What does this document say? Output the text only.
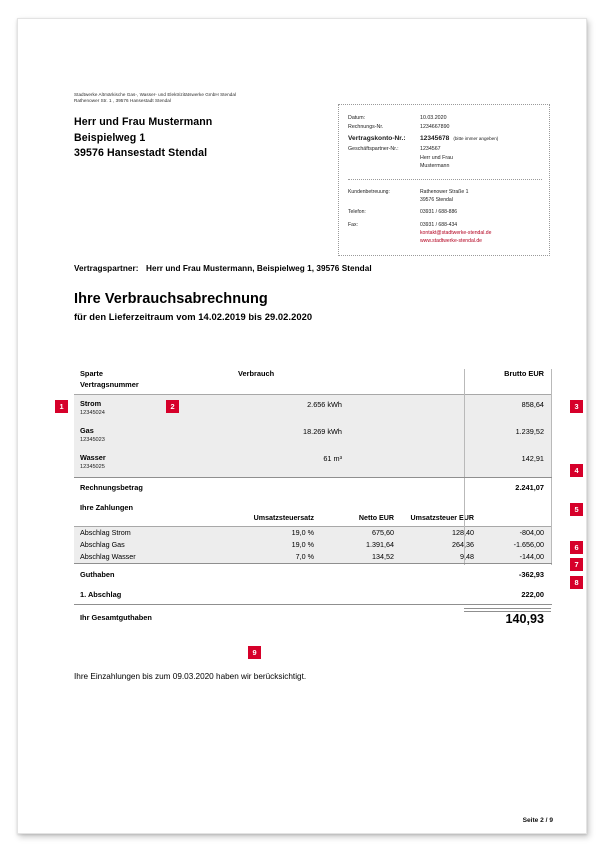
Stadtwerke Altmärkische Gas-, Wasser- und Elektrizitätswerke GmbH Stendal
Rathenower Str. 1 , 39576 Hansestadt Stendal
Herr und Frau Mustermann
Beispielweg 1
39576 Hansestadt Stendal
Datum:	10.03.2020
Rechnungs-Nr.	1234667890
Vertragskonto-Nr.:	12345678 (bitte immer angeben)
Geschäftspartner-Nr.:	1234567
Herr und Frau
Mustermann
Kundenbetreuung:	Rathenower Straße 1
39576 Stendal
Telefon:	03931 / 688-886
Fax:	03931 / 688-434
kontakt@stadtwerke-stendal.de
www.stadtwerke-stendal.de
Vertragspartner: Herr und Frau Mustermann, Beispielweg 1, 39576 Stendal
Ihre Verbrauchsabrechnung
für den Lieferzeitraum vom 14.02.2019 bis 29.02.2020
Sparte
Vertragsnummer
Verbrauch	Brutto EUR
Strom
12345024
2.656 kWh	858,64
Gas
12345023
18.269 kWh	1.239,52
Wasser
12345025
61 m³	142,91
Rechnungsbetrag	2.241,07
Ihre Zahlungen
Umsatzsteuersatz	Netto EUR	Umsatzsteuer EUR
Abschlag Strom	19,0 %	675,60	128,40	-804,00
Abschlag Gas	19,0 %	1.391,64	264,36	-1.656,00
Abschlag Wasser	7,0 %	134,52	9,48	-144,00
Guthaben	-362,93
1. Abschlag	222,00
Ihr Gesamtguthaben	140,93
Ihre Einzahlungen bis zum 09.03.2020 haben wir berücksichtigt.
Seite 2 / 9
1	2	3
4
5
6
7
8
9
